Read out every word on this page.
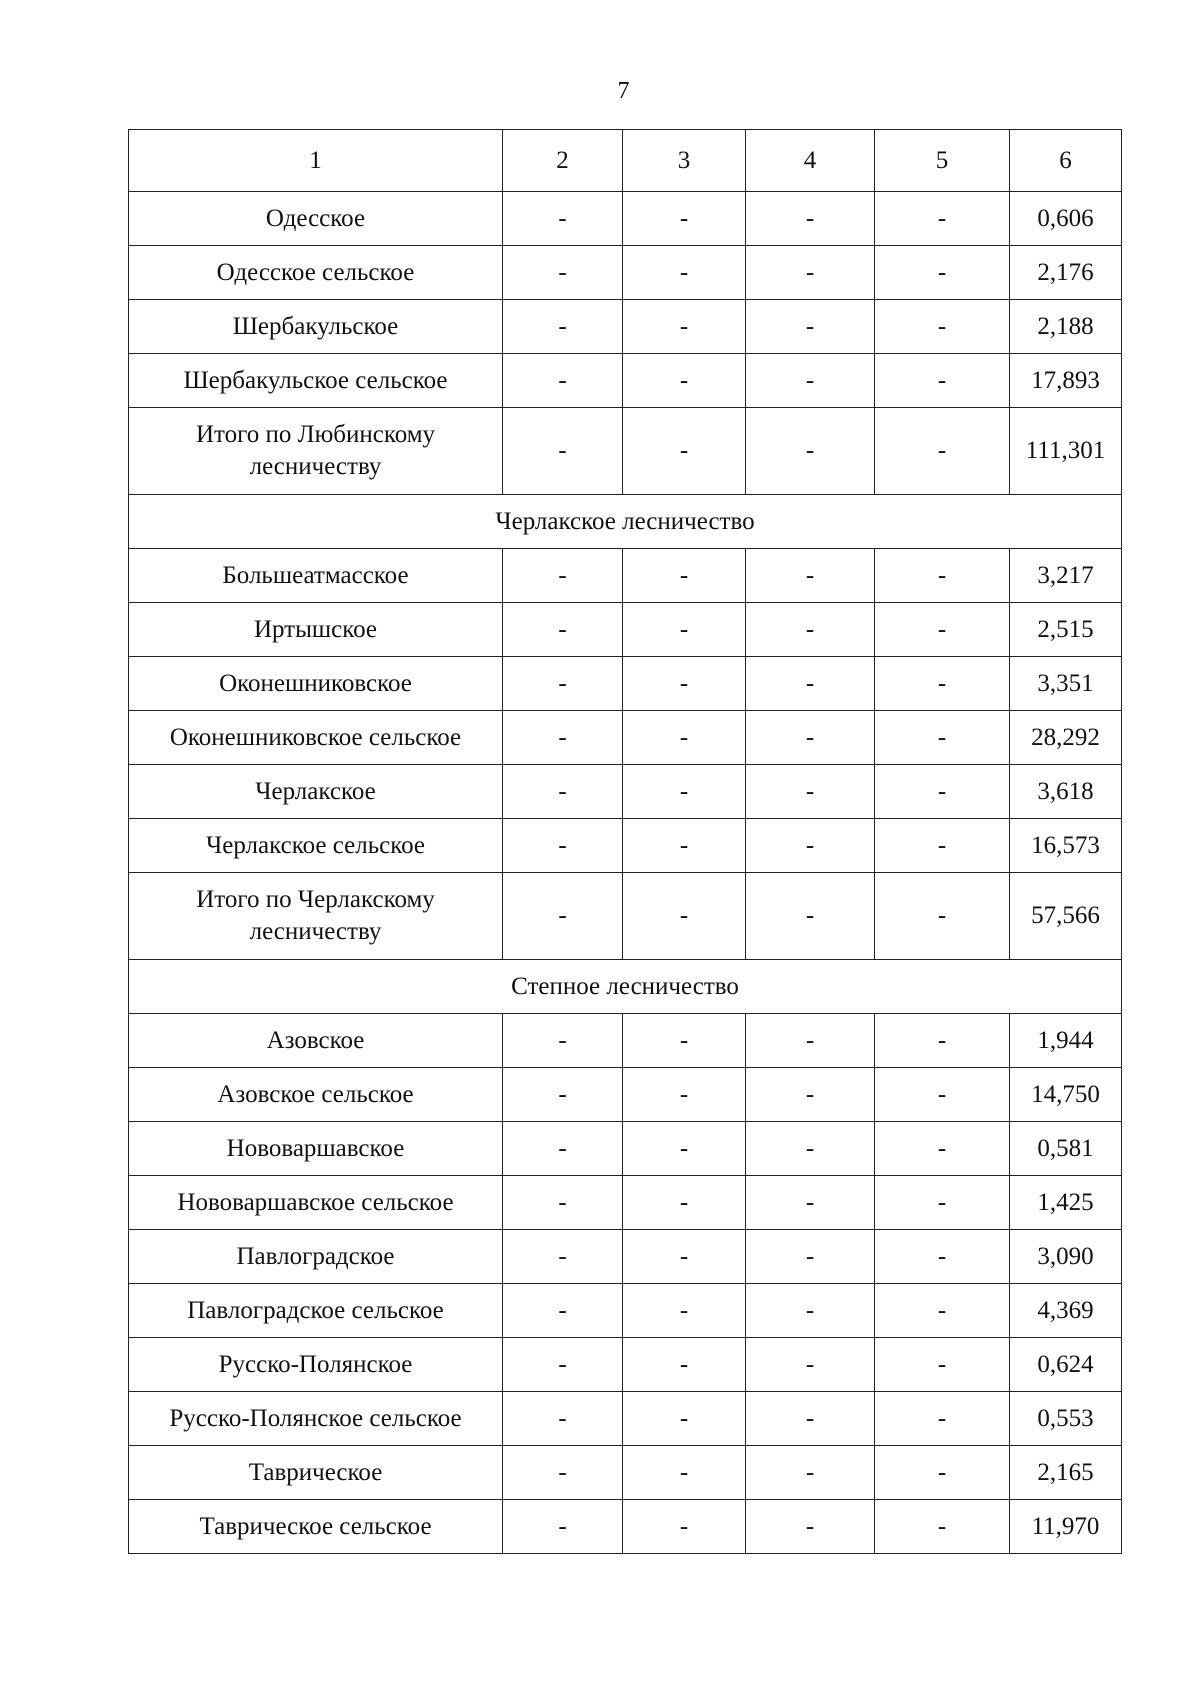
7
1	2	3	4	5	6
Одесское	-	-	-	-	0,606
Одесское сельское	-	-	-	-	2,176
Шербакульское	-	-	-	-	2,188
Шербакульское сельское	-	-	-	-	17,893
Итого по Любинскому лесничеству	-	-	-	-	111,301
Черлакское лесничество					
Большеатмасское	-	-	-	-	3,217
Иртышское	-	-	-	-	2,515
Оконешниковское	-	-	-	-	3,351
Оконешниковское сельское	-	-	-	-	28,292
Черлакское	-	-	-	-	3,618
Черлакское сельское	-	-	-	-	16,573
Итого по Черлакскому лесничеству	-	-	-	-	57,566
Степное лесничество					
Азовское	-	-	-	-	1,944
Азовское сельское	-	-	-	-	14,750
Нововаршавское	-	-	-	-	0,581
Нововаршавское сельское	-	-	-	-	1,425
Павлоградское	-	-	-	-	3,090
Павлоградское сельское	-	-	-	-	4,369
Русско-Полянское	-	-	-	-	0,624
Русско-Полянское сельское	-	-	-	-	0,553
Таврическое	-	-	-	-	2,165
Таврическое сельское	-	-	-	-	11,970
